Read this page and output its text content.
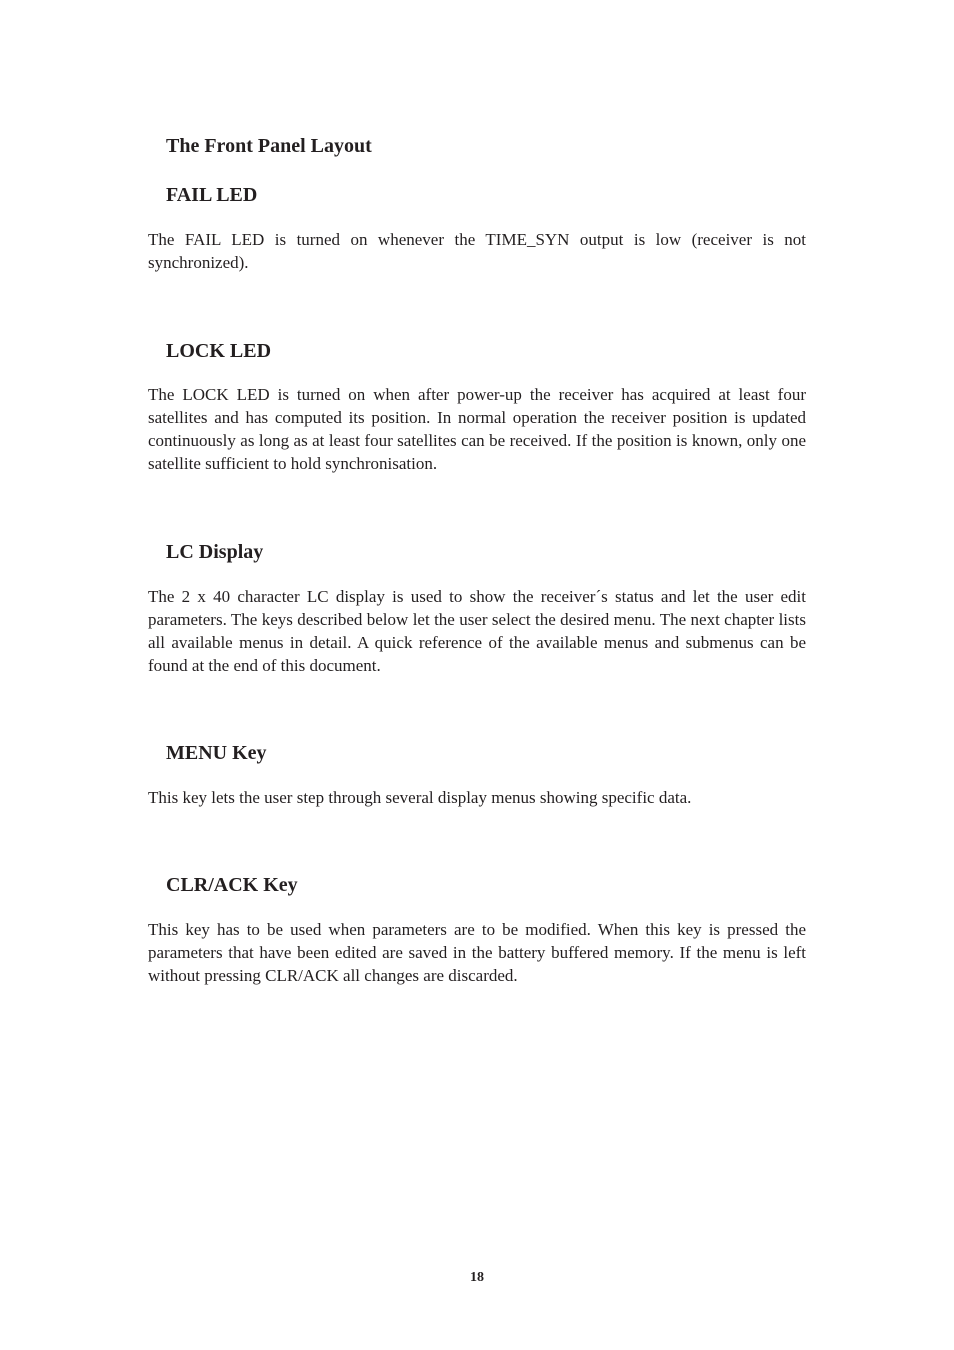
The Front Panel Layout
FAIL LED
The FAIL LED is turned on whenever the TIME_SYN output is low (receiver is not synchronized).
LOCK LED
The LOCK LED is turned on when after power-up the receiver has acquired at least four satellites and has computed its position. In normal operation the receiver position is updated continuously as long as at least four satellites can be received. If the position is known, only one satellite sufficient to hold synchronisation.
LC Display
The 2 x 40 character LC display is used to show the receiver´s status and let the user edit parameters. The keys described below let the user select the desired menu. The next chapter lists all available menus in detail. A quick reference of the available menus and submenus can be found at the end of this document.
MENU Key
This key lets the user step through several display menus showing specific data.
CLR/ACK Key
This key has to be used when parameters are to be modified. When this key is pressed the parameters that have been edited are saved in the battery buffered memory. If the menu is left without pressing CLR/ACK all changes are discarded.
18
